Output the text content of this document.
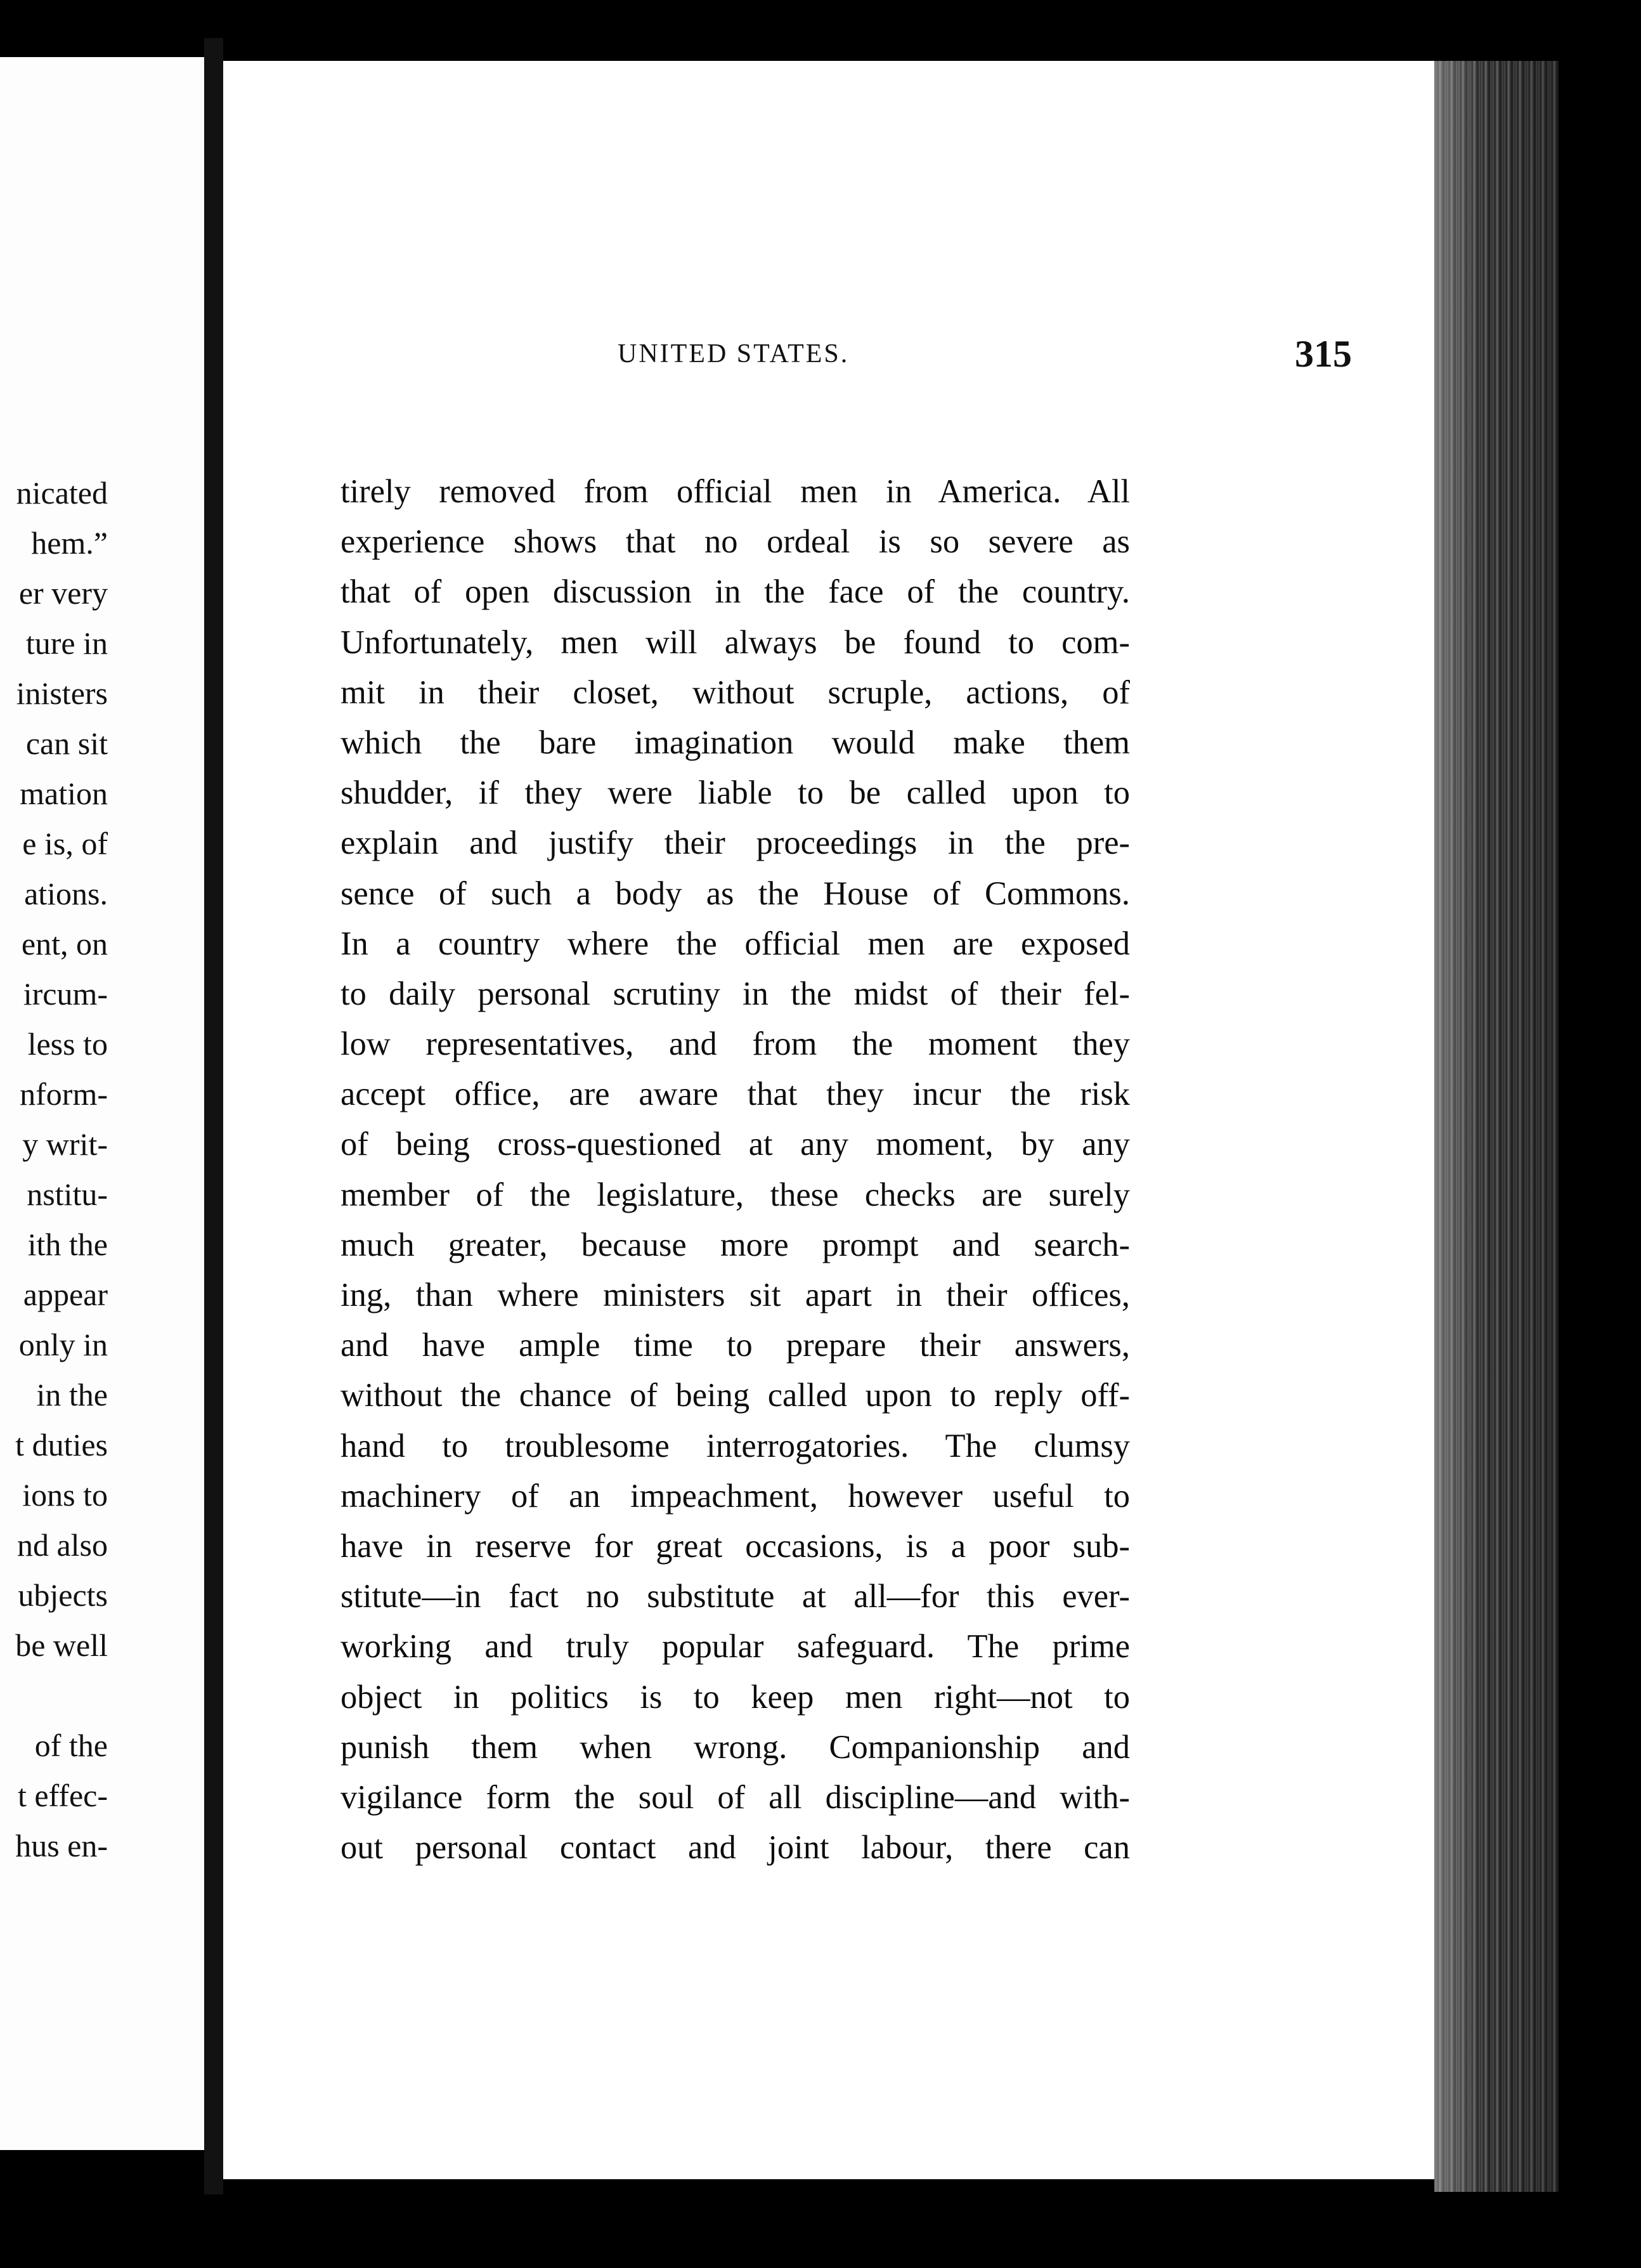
nicated
hem.”
er very
ture in
inisters
can sit
mation
e is, of
ations.
ent, on
ircum-
less to
nform-
y writ-
nstitu-
ith the
appear
only in
in the
t duties
ions to
nd also
ubjects
be well
of the
t effec-
hus en-
UNITED STATES.	315
tirely removed from official men in America. All
experience shows that no ordeal is so severe as
that of open discussion in the face of the country.
Unfortunately, men will always be found to com-
mit in their closet, without scruple, actions, of
which the bare imagination would make them
shudder, if they were liable to be called upon to
explain and justify their proceedings in the pre-
sence of such a body as the House of Commons.
In a country where the official men are exposed
to daily personal scrutiny in the midst of their fel-
low representatives, and from the moment they
accept office, are aware that they incur the risk
of being cross-questioned at any moment, by any
member of the legislature, these checks are surely
much greater, because more prompt and search-
ing, than where ministers sit apart in their offices,
and have ample time to prepare their answers,
without the chance of being called upon to reply off-
hand to troublesome interrogatories. The clumsy
machinery of an impeachment, however useful to
have in reserve for great occasions, is a poor sub-
stitute—in fact no substitute at all—for this ever-
working and truly popular safeguard. The prime
object in politics is to keep men right—not to
punish them when wrong. Companionship and
vigilance form the soul of all discipline—and with-
out personal contact and joint labour, there can
